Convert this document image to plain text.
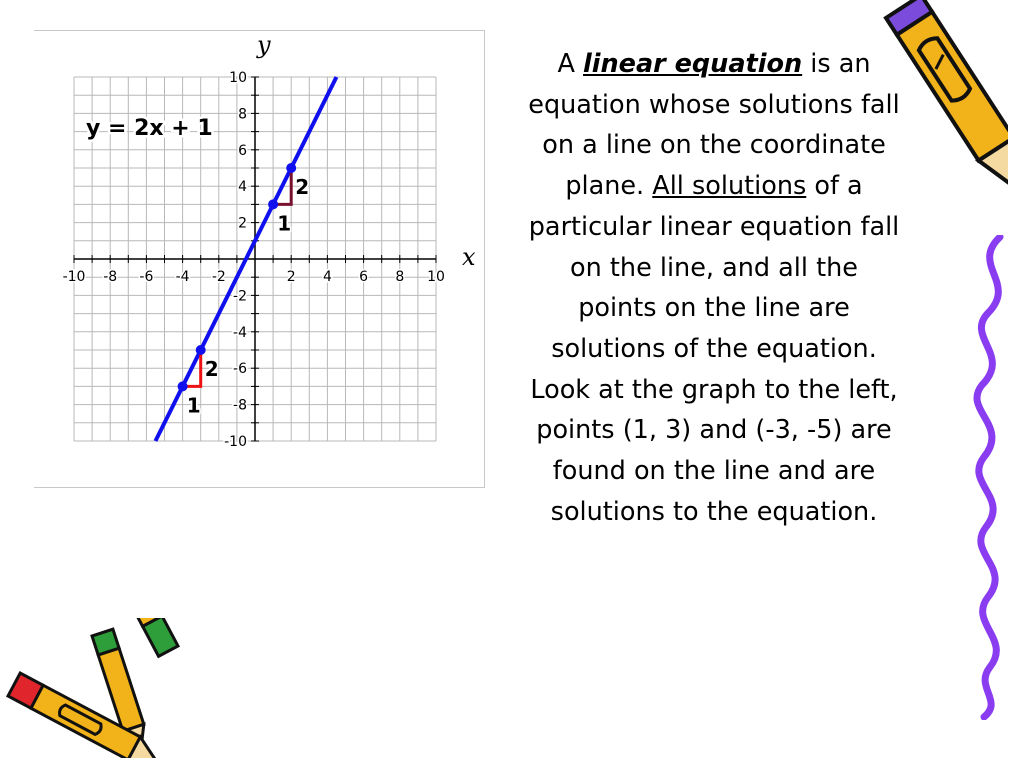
-10 -8 -6 -4 -2	2 4 6 8 10
10
8
6
4
2
-2
-4
-6
-8
-10
x
y
1
2
1
2
y = 2x + 1

A linear equation is an equation whose solutions fall on a line on the coordinate plane. All solutions of a particular linear equation fall on the line, and all the points on the line are solutions of the equation.

Look at the graph to the left, points (1, 3) and (-3, -5) are found on the line and are solutions to the equation.
